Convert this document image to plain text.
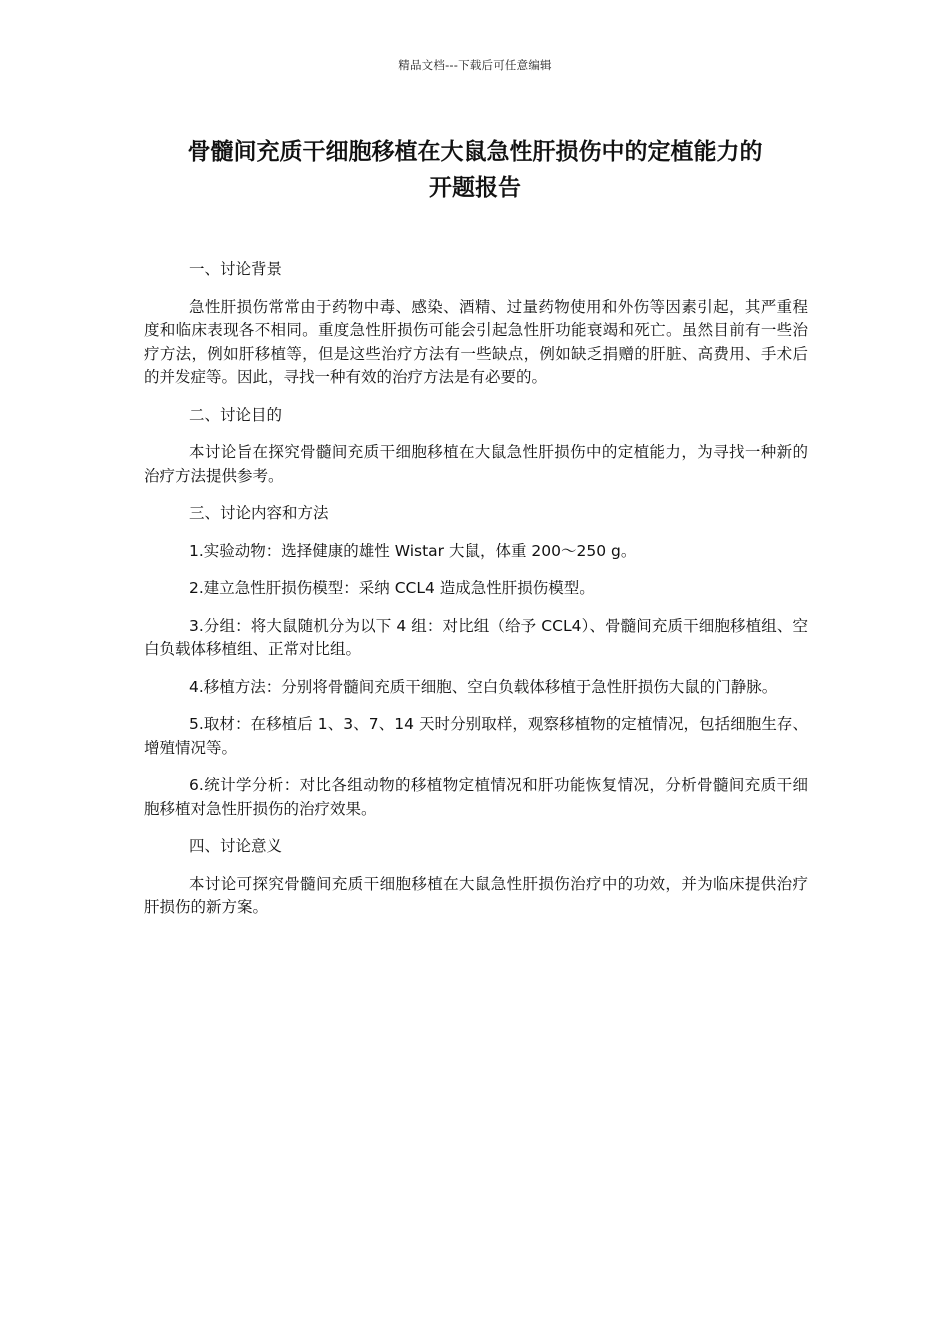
精品文档---下载后可任意编辑
骨髓间充质干细胞移植在大鼠急性肝损伤中的定植能力的
开题报告

一、讨论背景

急性肝损伤常常由于药物中毒、感染、酒精、过量药物使用和外伤等因素引起，其严重程度和临床表现各不相同。重度急性肝损伤可能会引起急性肝功能衰竭和死亡。虽然目前有一些治疗方法，例如肝移植等，但是这些治疗方法有一些缺点，例如缺乏捐赠的肝脏、高费用、手术后的并发症等。因此，寻找一种有效的治疗方法是有必要的。

二、讨论目的

本讨论旨在探究骨髓间充质干细胞移植在大鼠急性肝损伤中的定植能力，为寻找一种新的治疗方法提供参考。

三、讨论内容和方法

1.实验动物：选择健康的雄性 Wistar 大鼠，体重 200～250 g。

2.建立急性肝损伤模型：采纳 CCL4 造成急性肝损伤模型。

3.分组：将大鼠随机分为以下 4 组：对比组（给予 CCL4）、骨髓间充质干细胞移植组、空白负载体移植组、正常对比组。

4.移植方法：分别将骨髓间充质干细胞、空白负载体移植于急性肝损伤大鼠的门静脉。

5.取材：在移植后 1、3、7、14 天时分别取样，观察移植物的定植情况，包括细胞生存、增殖情况等。

6.统计学分析：对比各组动物的移植物定植情况和肝功能恢复情况，分析骨髓间充质干细胞移植对急性肝损伤的治疗效果。

四、讨论意义

本讨论可探究骨髓间充质干细胞移植在大鼠急性肝损伤治疗中的功效，并为临床提供治疗肝损伤的新方案。
